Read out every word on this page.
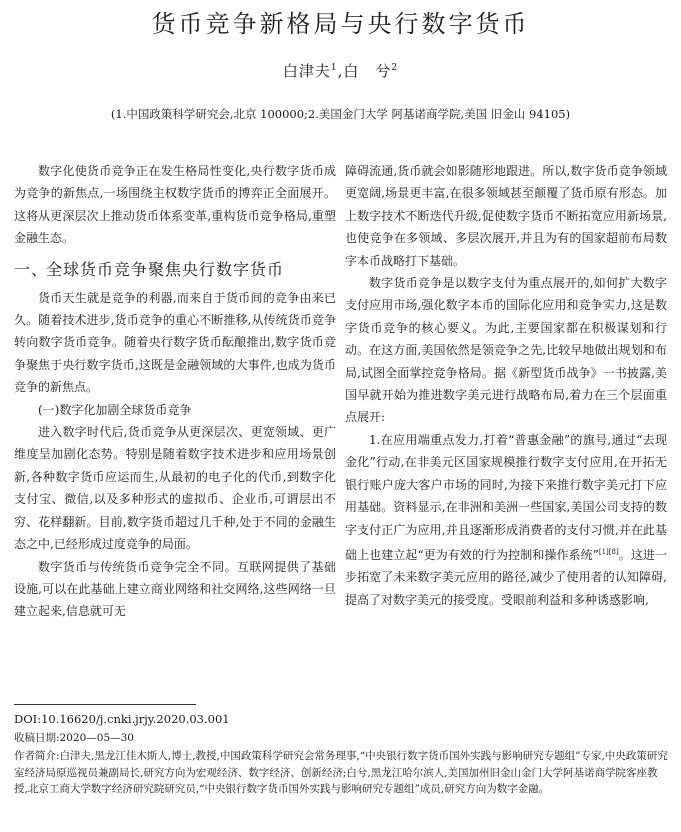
货币竞争新格局与央行数字货币
白津夫$^1$,白　兮$^2$
(1.中国政策科学研究会,北京 100000;2.美国金门大学 阿基诺商学院,美国 旧金山 94105)

数字化使货币竞争正在发生格局性变化,央行数字货币成为竞争的新焦点,一场围绕主权数字货币的博弈正全面展开。这将从更深层次上推动货币体系变革,重构货币竞争格局,重塑金融生态。

一、全球货币竞争聚焦央行数字货币

货币天生就是竞争的利器,而来自于货币间的竞争由来已久。随着技术进步,货币竞争的重心不断推移,从传统货币竞争转向数字货币竞争。随着央行数字货币酝酿推出,数字货币竞争聚焦于央行数字货币,这既是金融领域的大事件,也成为货币竞争的新焦点。

(一)数字化加剧全球货币竞争

进入数字时代后,货币竞争从更深层次、更宽领域、更广维度呈加剧化态势。特别是随着数字技术进步和应用场景创新,各种数字货币应运而生,从最初的电子化的代币,到数字化支付宝、微信,以及多种形式的虚拟币、企业币,可谓层出不穷、花样翻新。目前,数字货币超过几千种,处于不同的金融生态之中,已经形成过度竞争的局面。

数字货币与传统货币竞争完全不同。互联网提供了基础设施,可以在此基础上建立商业网络和社交网络,这些网络一旦建立起来,信息就可无

障碍流通,货币就会如影随形地跟进。所以,数字货币竞争领域更宽阔,场景更丰富,在很多领域甚至颠覆了货币原有形态。加上数字技术不断迭代升级,促使数字货币不断拓宽应用新场景,也使竞争在多领域、多层次展开,并且为有的国家超前布局数字本币战略打下基础。

数字货币竞争是以数字支付为重点展开的,如何扩大数字支付应用市场,强化数字本币的国际化应用和竞争实力,这是数字货币竞争的核心要义。为此,主要国家都在积极谋划和行动。在这方面,美国依然是领竞争之先,比较早地做出规划和布局,试图全面掌控竞争格局。据《新型货币战争》一书披露,美国早就开始为推进数字美元进行战略布局,着力在三个层面重点展开:

1.在应用端重点发力,打着“普惠金融”的旗号,通过“去现金化”行动,在非美元区国家规模推行数字支付应用,在开拓无银行账户庞大客户市场的同时,为接下来推行数字美元打下应用基础。资料显示,在非洲和美洲一些国家,美国公司支持的数字支付正广为应用,并且逐渐形成消费者的支付习惯,并在此基础上也建立起“更为有效的行为控制和操作系统”[1][8]。这进一步拓宽了未来数字美元应用的路径,减少了使用者的认知障碍,提高了对数字美元的接受度。受眼前利益和多种诱惑影响,

DOI:10.16620/j.cnki.jrjy.2020.03.001
收稿日期:2020—05—30
作者简介:白津夫,黑龙江佳木斯人,博士,教授,中国政策科学研究会常务理事,“中央银行数字货币国外实践与影响研究专题组”专家,中央政策研究室经济局原巡视员兼副局长,研究方向为宏观经济、数字经济、创新经济;白兮,黑龙江哈尔滨人,美国加州旧金山金门大学阿基诺商学院客座教授,北京工商大学数字经济研究院研究员,“中央银行数字货币国外实践与影响研究专题组”成员,研究方向为数字金融。
